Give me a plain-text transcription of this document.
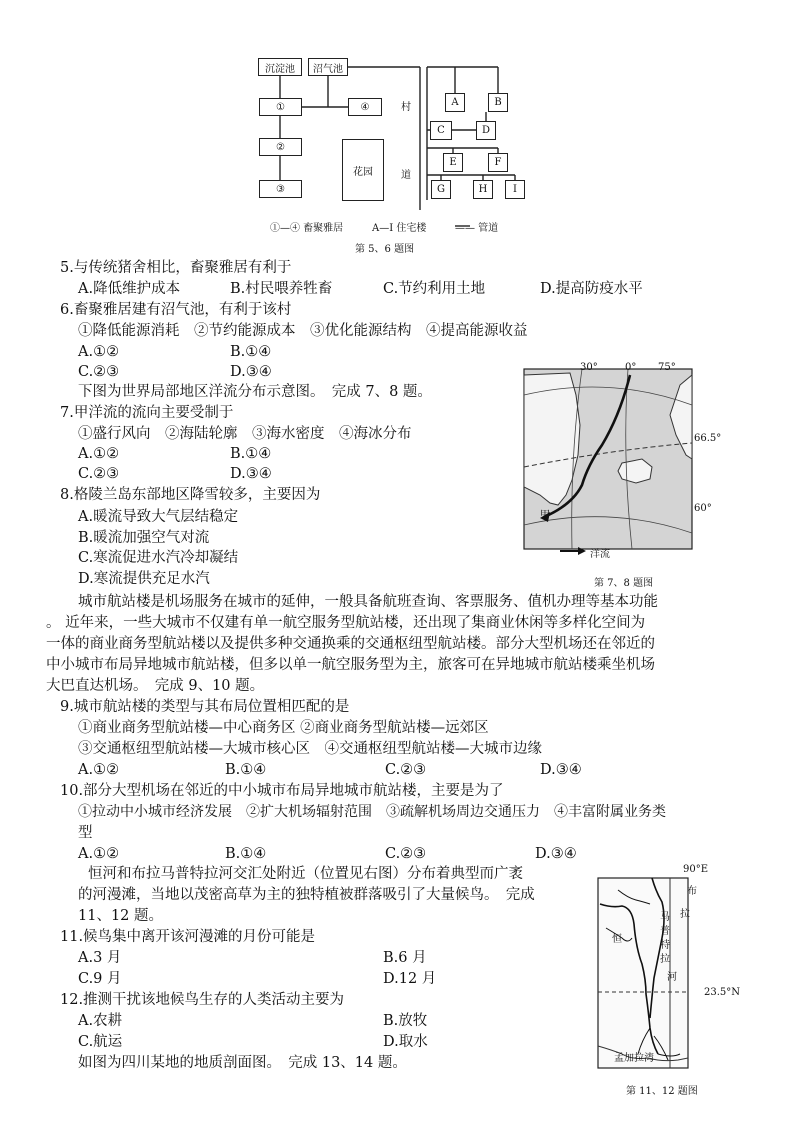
沉淀池	沼气池
①	④
②
③
花园
村
道
A	B
C	D
E	F
G	H	I
①—④ 畜聚雅居	A—I 住宅楼	—— 管道
第 5、6 题图
5.与传统猪舍相比，畜聚雅居有利于
A.降低维护成本	B.村民喂养牲畜	C.节约利用土地	D.提高防疫水平
6.畜聚雅居建有沼气池，有利于该村
①降低能源消耗　②节约能源成本　③优化能源结构　④提高能源收益
A.①②	B.①④
C.②③	D.③④
下图为世界局部地区洋流分布示意图。　完成 7、8 题。
7.甲洋流的流向主要受制于
①盛行风向　②海陆轮廓　③海水密度　④海冰分布
A.①②	B.①④
C.②③	D.③④
8.格陵兰岛东部地区降雪较多，主要因为
A.暖流导致大气层结稳定
B.暖流加强空气对流
C.寒流促进水汽冷却凝结
D.寒流提供充足水汽
30°	0° 75°
66.5°
60°
甲
洋流
第 7、8 题图
城市航站楼是机场服务在城市的延伸，一般具备航班查询、客票服务、值机办理等基本功能
。 近年来，一些大城市不仅建有单一航空服务型航站楼，还出现了集商业休闲等多样化空间为
一体的商业商务型航站楼以及提供多种交通换乘的交通枢纽型航站楼。部分大型机场还在邻近的
中小城市布局异地城市航站楼，但多以单一航空服务型为主，旅客可在异地城市航站楼乘坐机场
大巴直达机场。　完成 9、10 题。
9.城市航站楼的类型与其布局位置相匹配的是
①商业商务型航站楼—中心商务区 ②商业商务型航站楼—远郊区
③交通枢纽型航站楼—大城市核心区　④交通枢纽型航站楼—大城市边缘
A.①②	B.①④	C.②③	D.③④
10.部分大型机场在邻近的中小城市布局异地城市航站楼，主要是为了
①拉动中小城市经济发展　②扩大机场辐射范围　③疏解机场周边交通压力　④丰富附属业务类
型
A.①②	B.①④	C.②③	D.③④
恒河和布拉马普特拉河交汇处附近（位置见右图）分布着典型而广袤
的河漫滩，当地以茂密高草为主的独特植被群落吸引了大量候鸟。　完成
11、12 题。
11.候鸟集中离开该河漫滩的月份可能是
A.3 月	B.6 月
C.9 月	D.12 月
12.推测干扰该地候鸟生存的人类活动主要为
A.农耕	B.放牧
C.航运	D.取水
如图为四川某地的地质剖面图。　完成 13、14 题。
90°E
23.5°N
恒
拉
布
马
普
特
拉
河
孟加拉湾
第 11、12 题图
